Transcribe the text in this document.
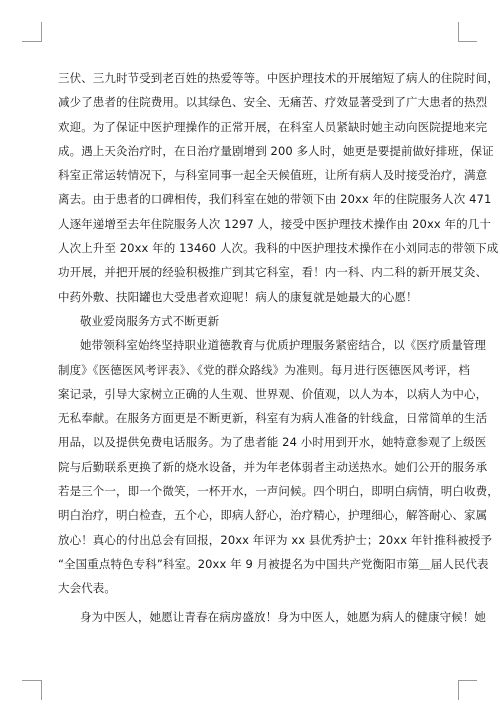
三伏、三九时节受到老百姓的热爱等等。中医护理技术的开展缩短了病人的住院时间，
减少了患者的住院费用。以其绿色、安全、无痛苦、疗效显著受到了广大患者的热烈
欢迎。为了保证中医护理操作的正常开展，在科室人员紧缺时她主动向医院提地来完
成。遇上天灸治疗时，在日治疗量剧增到 200 多人时，她更是要提前做好排班，保证
科室正常运转情况下，与科室同事一起全天候值班，让所有病人及时接受治疗，满意
离去。由于患者的口碑相传，我们科室在她的带领下由 20xx 年的住院服务人次 471
人逐年递增至去年住院服务人次 1297 人，接受中医护理技术操作由 20xx 年的几十
人次上升至 20xx 年的 13460 人次。我科的中医护理技术操作在小刘同志的带领下成
功开展，并把开展的经验积极推广到其它科室，看！内一科、内二科的新开展艾灸、
中药外敷、扶阳罐也大受患者欢迎呢！病人的康复就是她最大的心愿！
敬业爱岗服务方式不断更新
她带领科室始终坚持职业道德教育与优质护理服务紧密结合，以《医疗质量管理
制度》《医德医风考评表》、《党的群众路线》为准则。每月进行医德医风考评，档
案记录，引导大家树立正确的人生观、世界观、价值观，以人为本，以病人为中心，
无私奉献。在服务方面更是不断更新，科室有为病人准备的针线盒，日常简单的生活
用品，以及提供免费电话服务。为了患者能 24 小时用到开水，她特意参观了上级医
院与后勤联系更换了新的烧水设备，并为年老体弱者主动送热水。她们公开的服务承
若是三个一，即一个微笑，一杯开水，一声问候。四个明白，即明白病情，明白收费，
明白治疗，明白检查，五个心，即病人舒心，治疗精心，护理细心，解答耐心、家属
放心！真心的付出总会有回报，20xx 年评为 xx 县优秀护士；20xx 年针推科被授予
“全国重点特色专科”科室。20xx 年 9 月被提名为中国共产党衡阳市第＿届人民代表
大会代表。
身为中医人，她愿让青春在病房盛放！身为中医人，她愿为病人的健康守候！她
